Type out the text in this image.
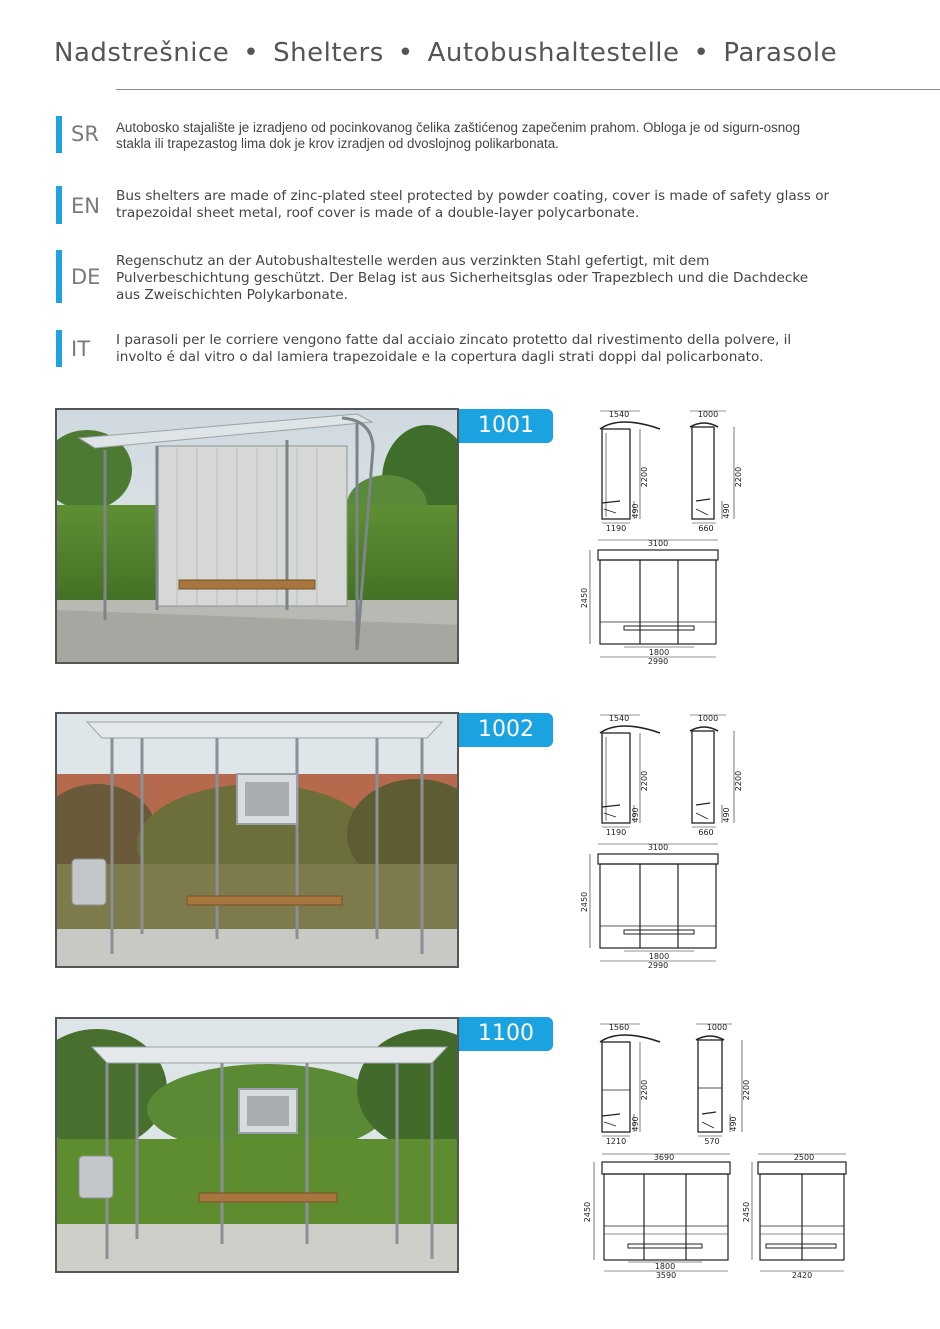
Nadstrešnice • Shelters • Autobushaltestelle • Parasole
SR Autobosko stajalište je izradjeno od pocinkovanog čelika zaštićenog zapečenim prahom. Obloga je od sigurn-osnog stakla ili trapezastog lima dok je krov izradjen od dvoslojnog polikarbonata.
EN Bus shelters are made of zinc-plated steel protected by powder coating, cover is made of safety glass or trapezoidal sheet metal, roof cover is made of a double-layer polycarbonate.
DE
Regenschutz an der Autobushaltestelle werden aus verzinkten Stahl gefertigt, mit dem Pulverbeschichtung geschützt. Der Belag ist aus Sicherheitsglas oder Trapezblech und die Dachdecke aus Zweischichten Polykarbonate.
IT I parasoli per le corriere vengono fatte dal acciaio zincato protetto dal rivestimento della polvere, il involto é dal vitro o dal lamiera trapezoidale e la copertura dagli strati doppi dal policarbonato.
1001	1540
2200
490
1190
1000
2200
490
660
3100
2450
1800
2990
1002	1540
2200
490
1190
1000
2200
490
660
3100
2450
1800
2990
1100	1560
2200
490
1210
1000
2200
490
570
3690
2450
1800
3590
2500
2450
2420
